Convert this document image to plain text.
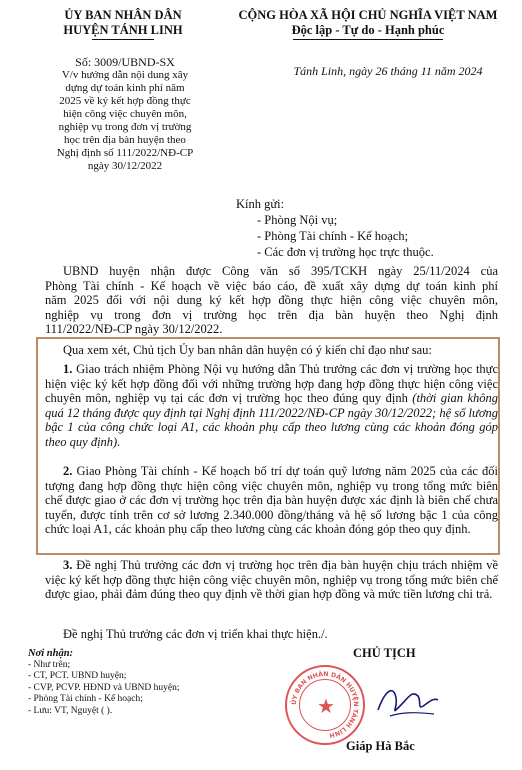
ỦY BAN NHÂN DÂN
HUYỆN TÁNH LINH
CỘNG HÒA XÃ HỘI CHỦ NGHĨA VIỆT NAM
Độc lập - Tự do - Hạnh phúc
Số: 3009/UBND-SX
V/v hướng dẫn nội dung xây
dựng dự toán kinh phí năm
2025 về ký kết hợp đồng thực
hiện công việc chuyên môn,
nghiệp vụ trong đơn vị trường
học trên địa bàn huyện theo
Nghị định số 111/2022/NĐ-CP
ngày 30/12/2022
Tánh Linh, ngày 26 tháng 11 năm 2024
Kính gửi:
- Phòng Nội vụ;
- Phòng Tài chính - Kế hoạch;
- Các đơn vị trường học trực thuộc.
UBND huyện nhận được Công văn số 395/TCKH ngày 25/11/2024 của
Phòng Tài chính - Kế hoạch về việc báo cáo, đề xuất xây dựng dự toán kinh phí
năm 2025 đối với nội dung ký kết hợp đồng thực hiện công việc chuyên môn,
nghiệp vụ trong đơn vị trường học trên địa bàn huyện theo Nghị định
111/2022/NĐ-CP ngày 30/12/2022.
Qua xem xét, Chủ tịch Ủy ban nhân dân huyện có ý kiến chỉ đạo như sau:
1. Giao trách nhiệm Phòng Nội vụ hướng dẫn Thủ trưởng các đơn vị trường học thực hiện việc ký kết hợp đồng đối với những trường hợp đang hợp đồng thực hiện công việc chuyên môn, nghiệp vụ tại các đơn vị trường học theo đúng quy định (thời gian không quá 12 tháng được quy định tại Nghị định 111/2022/NĐ-CP ngày 30/12/2022; hệ số lương bậc 1 của công chức loại A1, các khoản phụ cấp theo lương cùng các khoản đóng góp theo quy định).
2. Giao Phòng Tài chính - Kế hoạch bố trí dự toán quỹ lương năm 2025 của các đối tượng đang hợp đồng thực hiện công việc chuyên môn, nghiệp vụ trong tổng mức biên chế được giao ở các đơn vị trường học trên địa bàn huyện được xác định là biên chế chưa tuyển, được tính trên cơ sở lương 2.340.000 đồng/tháng và hệ số lương bậc 1 của công chức loại A1, các khoản phụ cấp theo lương cùng các khoản đóng góp theo quy định.
3. Đề nghị Thủ trưởng các đơn vị trường học trên địa bàn huyện chịu trách nhiệm về việc ký kết hợp đồng thực hiện công việc chuyên môn, nghiệp vụ trong tổng mức biên chế được giao, phải đảm đúng theo quy định về thời gian hợp đồng và mức tiền lương chi trả.
Đề nghị Thủ trưởng các đơn vị triển khai thực hiện./.
Nơi nhận:
- Như trên;
- CT, PCT. UBND huyện;
- CVP, PCVP. HĐND và UBND huyện;
- Phòng Tài chính - Kế hoạch;
- Lưu: VT, Nguyệt ( ).
CHỦ TỊCH
ỦY BAN NHÂN DÂN HUYỆN TÁNH LINH
★
Giáp Hà Bắc
